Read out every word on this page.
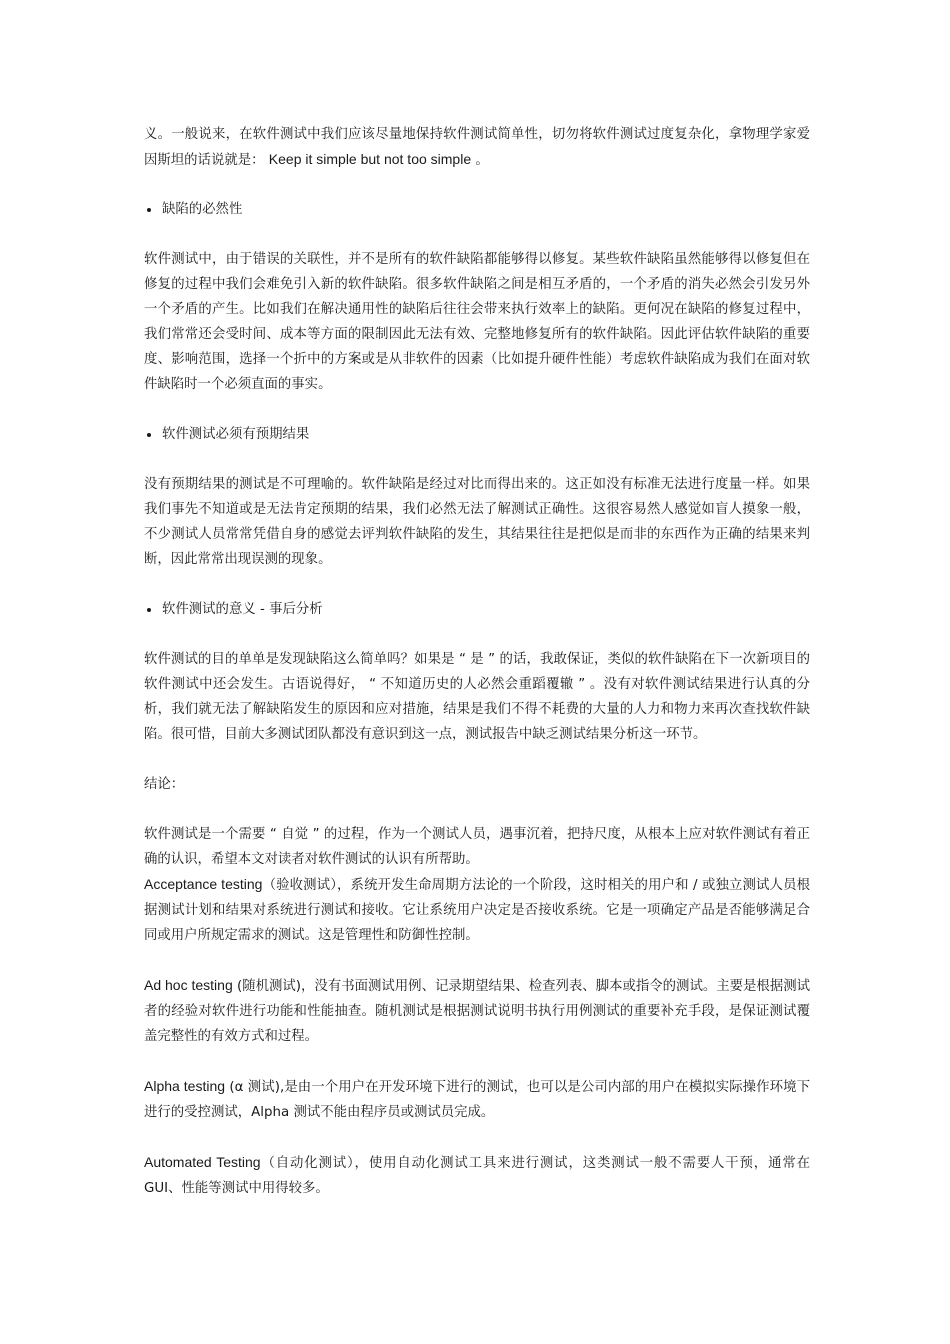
义。一般说来，在软件测试中我们应该尽量地保持软件测试简单性，切勿将软件测试过度复杂化，拿物理学家爱因斯坦的话说就是： Keep it simple but not too simple 。

缺陷的必然性

软件测试中，由于错误的关联性，并不是所有的软件缺陷都能够得以修复。某些软件缺陷虽然能够得以修复但在修复的过程中我们会难免引入新的软件缺陷。很多软件缺陷之间是相互矛盾的，一个矛盾的消失必然会引发另外一个矛盾的产生。比如我们在解决通用性的缺陷后往往会带来执行效率上的缺陷。更何况在缺陷的修复过程中，我们常常还会受时间、成本等方面的限制因此无法有效、完整地修复所有的软件缺陷。因此评估软件缺陷的重要度、影响范围，选择一个折中的方案或是从非软件的因素（比如提升硬件性能）考虑软件缺陷成为我们在面对软件缺陷时一个必须直面的事实。

软件测试必须有预期结果

没有预期结果的测试是不可理喻的。软件缺陷是经过对比而得出来的。这正如没有标准无法进行度量一样。如果我们事先不知道或是无法肯定预期的结果，我们必然无法了解测试正确性。这很容易然人感觉如盲人摸象一般，不少测试人员常常凭借自身的感觉去评判软件缺陷的发生，其结果往往是把似是而非的东西作为正确的结果来判断，因此常常出现误测的现象。

软件测试的意义 - 事后分析

软件测试的目的单单是发现缺陷这么简单吗？如果是 “ 是 ” 的话，我敢保证，类似的软件缺陷在下一次新项目的软件测试中还会发生。古语说得好， “ 不知道历史的人必然会重蹈覆辙 ” 。没有对软件测试结果进行认真的分析，我们就无法了解缺陷发生的原因和应对措施，结果是我们不得不耗费的大量的人力和物力来再次查找软件缺陷。很可惜，目前大多测试团队都没有意识到这一点，测试报告中缺乏测试结果分析这一环节。

结论：

软件测试是一个需要 “ 自觉 ” 的过程，作为一个测试人员，遇事沉着，把持尺度，从根本上应对软件测试有着正确的认识，希望本文对读者对软件测试的认识有所帮助。

Acceptance testing（验收测试），系统开发生命周期方法论的一个阶段，这时相关的用户和 / 或独立测试人员根据测试计划和结果对系统进行测试和接收。它让系统用户决定是否接收系统。它是一项确定产品是否能够满足合同或用户所规定需求的测试。这是管理性和防御性控制。

Ad hoc testing (随机测试)，没有书面测试用例、记录期望结果、检查列表、脚本或指令的测试。主要是根据测试者的经验对软件进行功能和性能抽查。随机测试是根据测试说明书执行用例测试的重要补充手段，是保证测试覆盖完整性的有效方式和过程。

Alpha testing (α 测试),是由一个用户在开发环境下进行的测试，也可以是公司内部的用户在模拟实际操作环境下进行的受控测试，Alpha 测试不能由程序员或测试员完成。

Automated Testing（自动化测试），使用自动化测试工具来进行测试，这类测试一般不需要人干预，通常在 GUI、性能等测试中用得较多。
